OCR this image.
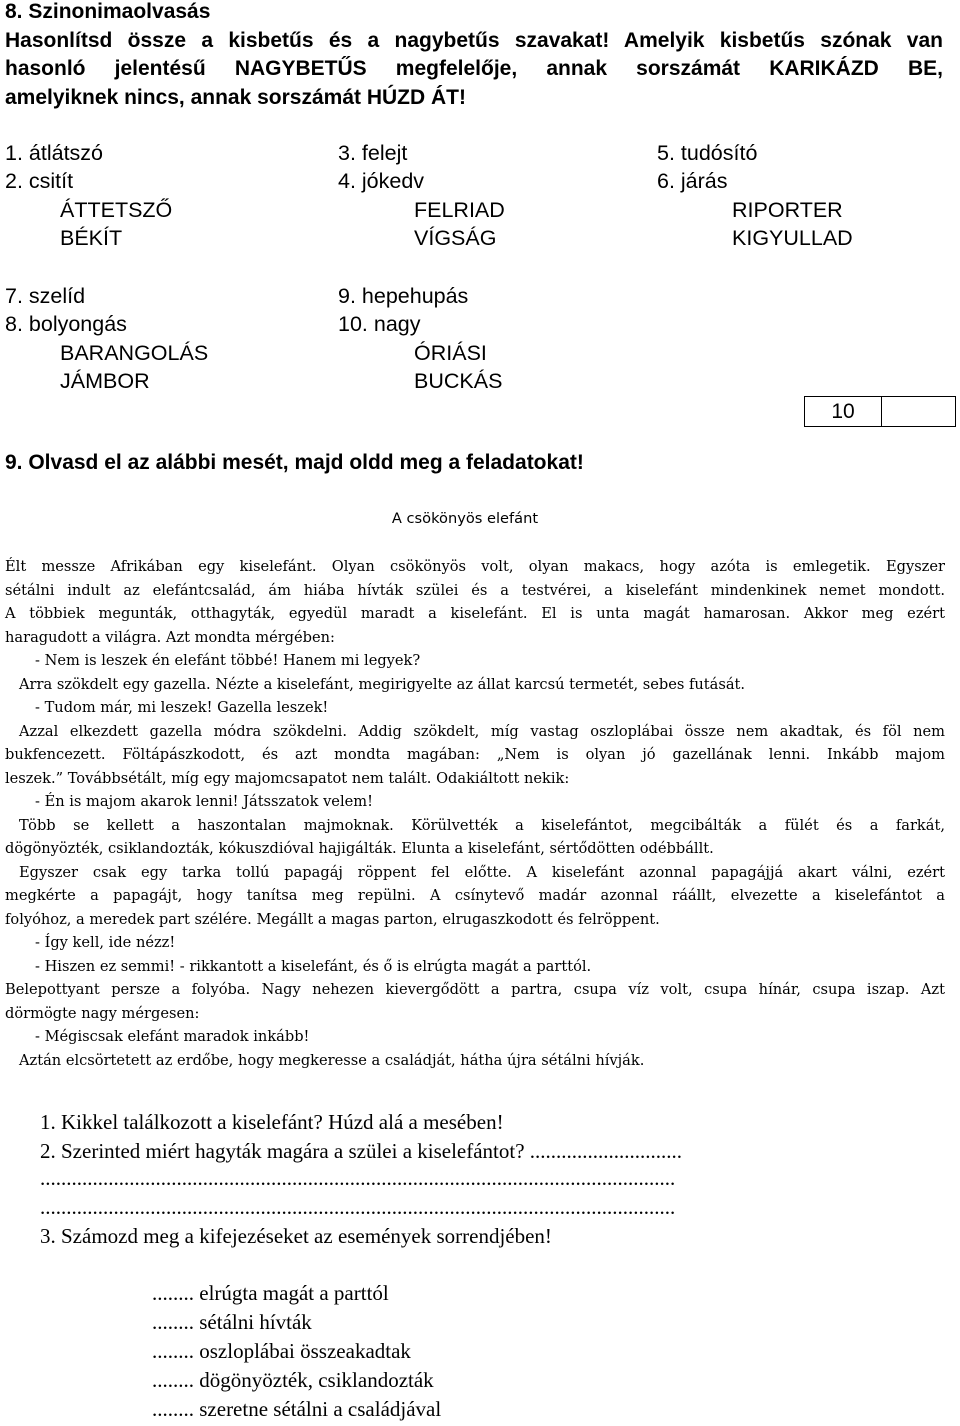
8. Szinonimaolvasás
Hasonlítsd össze a kisbetűs és a nagybetűs szavakat! Amelyik kisbetűs szónak van
hasonló jelentésű NAGYBETŰS megfelelője, annak sorszámát KARIKÁZD BE,
amelyiknek nincs, annak sorszámát HÚZD ÁT!
1. átlátszó
2. csitít
3. felejt
4. jókedv
5. tudósító
6. járás
ÁTTETSZŐ
BÉKÍT
FELRIAD
VÍGSÁG
RIPORTER
KIGYULLAD
7. szelíd
8. bolyongás
9. hepehupás
10. nagy
BARANGOLÁS
JÁMBOR
ÓRIÁSI
BUCKÁS
10
9. Olvasd el az alábbi mesét, majd oldd meg a feladatokat!
A csökönyös elefánt

Élt messze Afrikában egy kiselefánt. Olyan csökönyös volt, olyan makacs, hogy azóta is emlegetik. Egyszer

sétálni indult az elefántcsalád, ám hiába hívták szülei és a testvérei, a kiselefánt mindenkinek nemet mondott.

A többiek megunták, otthagyták, egyedül maradt a kiselefánt. El is unta magát hamarosan. Akkor meg ezért

haragudott a világra. Azt mondta mérgében:

- Nem is leszek én elefánt többé! Hanem mi legyek?

Arra szökdelt egy gazella. Nézte a kiselefánt, megirigyelte az állat karcsú termetét, sebes futását.

- Tudom már, mi leszek! Gazella leszek!

Azzal elkezdett gazella módra szökdelni. Addig szökdelt, míg vastag oszloplábai össze nem akadtak, és föl nem

bukfencezett. Föltápászkodott, és azt mondta magában: „Nem is olyan jó gazellának lenni. Inkább majom

leszek.” Továbbsétált, míg egy majomcsapatot nem talált. Odakiáltott nekik:

- Én is majom akarok lenni! Játsszatok velem!

Több se kellett a haszontalan majmoknak. Körülvették a kiselefántot, megcibálták a fülét és a farkát,

dögönyözték, csiklandozták, kókuszdióval hajigálták. Elunta a kiselefánt, sértődötten odébbállt.

Egyszer csak egy tarka tollú papagáj röppent fel előtte. A kiselefánt azonnal papagájjá akart válni, ezért

megkérte a papagájt, hogy tanítsa meg repülni. A csínytevő madár azonnal ráállt, elvezette a kiselefántot a

folyóhoz, a meredek part szélére. Megállt a magas parton, elrugaszkodott és felröppent.

- Így kell, ide nézz!

- Hiszen ez semmi! - rikkantott a kiselefánt, és ő is elrúgta magát a parttól.

Belepottyant persze a folyóba. Nagy nehezen kievergődött a partra, csupa víz volt, csupa hínár, csupa iszap. Azt

dörmögte nagy mérgesen:

- Mégiscsak elefánt maradok inkább!

Aztán elcsörtetett az erdőbe, hogy megkeresse a családját, hátha újra sétálni hívják.

1. Kikkel találkozott a kiselefánt? Húzd alá a mesében!
2. Szerinted miért hagyták magára a szülei a kiselefántot? .............................
.........................................................................................................................
.........................................................................................................................
3. Számozd meg a kifejezéseket az események sorrendjében!
........ elrúgta magát a parttól
........ sétálni hívták
........ oszloplábai összeakadtak
........ dögönyözték, csiklandozták
........ szeretne sétálni a családjával
